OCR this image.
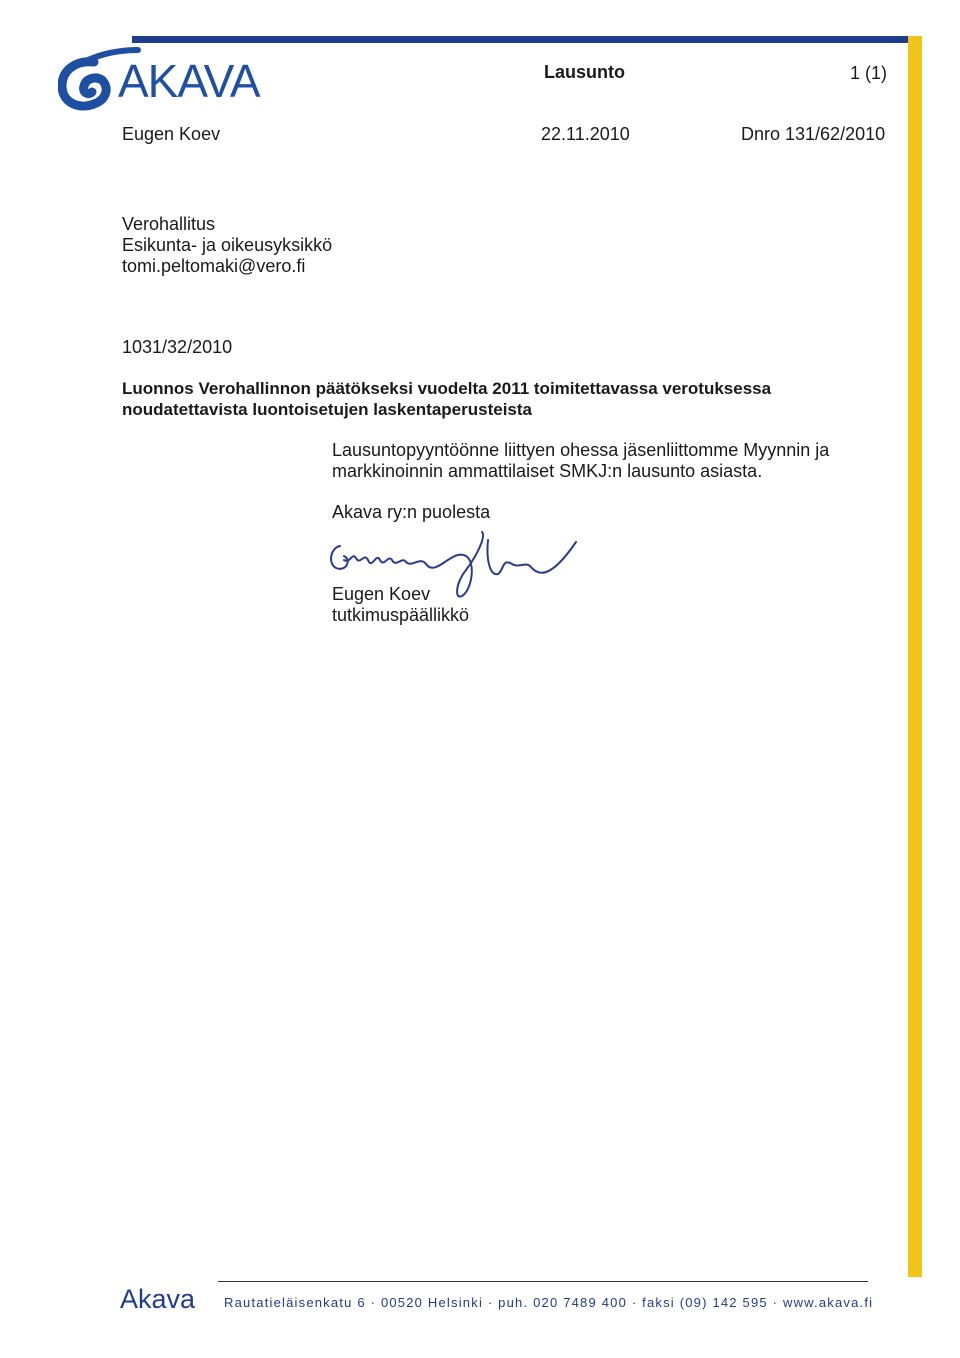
AKAVA	Lausunto	1 (1)
Eugen Koev	22.11.2010	Dnro 131/62/2010
Verohallitus
Esikunta- ja oikeusyksikkö
tomi.peltomaki@vero.fi
1031/32/2010
Luonnos Verohallinnon päätökseksi vuodelta 2011 toimitettavassa verotuksessa noudatettavista luontoisetujen laskentaperusteista
Lausuntopyyntöönne liittyen ohessa jäsenliittomme Myynnin ja markkinoinnin ammattilaiset SMKJ:n lausunto asiasta.
Akava ry:n puolesta
Eugen Koev
tutkimuspäällikkö
Akava Rautatieläisenkatu 6 · 00520 Helsinki · puh. 020 7489 400 · faksi (09) 142 595 · www.akava.fi
